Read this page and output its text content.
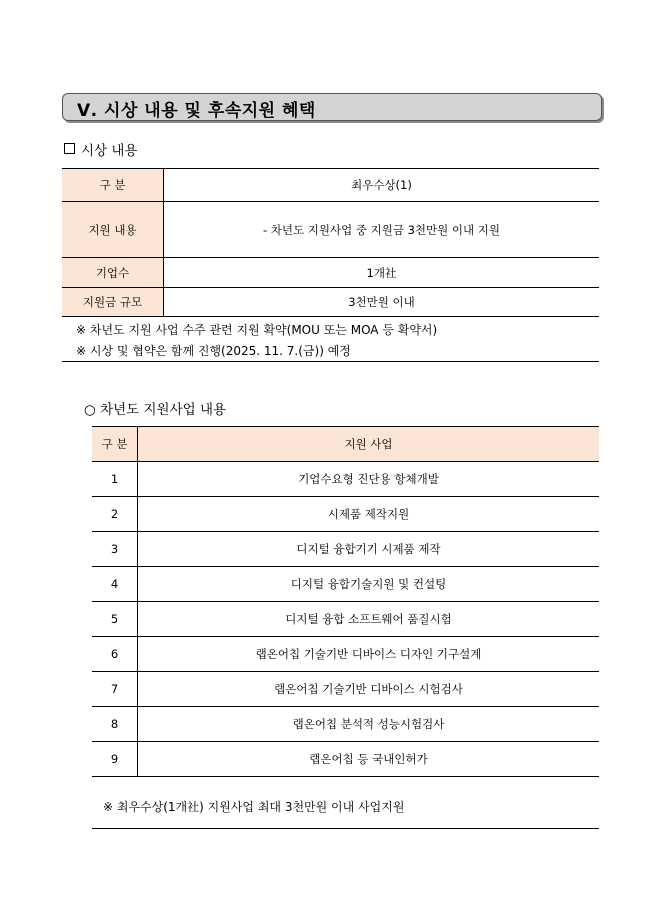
Ⅴ. 시상 내용 및 후속지원 혜택
시상 내용
구 분	최우수상(1)
지원 내용	- 차년도 지원사업 중 지원금 3천만원 이내 지원
기업수	1개社
지원금 규모	3천만원 이내
※ 차년도 지원 사업 수주 관련 지원 확약(MOU 또는 MOA 등 확약서)
※ 시상 및 협약은 함께 진행(2025. 11. 7.(금)) 예정
○ 차년도 지원사업 내용
구 분	지원 사업
1	기업수요형 진단용 항체개발
2	시제품 제작지원
3	디지털 융합기기 시제품 제작
4	디지털 융합기술지원 및 컨설팅
5	디지털 융합 소프트웨어 품질시험
6	랩온어칩 기술기반 디바이스 디자인 기구설계
7	랩온어칩 기술기반 디바이스 시험검사
8	랩온어칩 분석적 성능시험검사
9	랩온어칩 등 국내인허가
※ 최우수상(1개社) 지원사업 최대 3천만원 이내 사업지원
